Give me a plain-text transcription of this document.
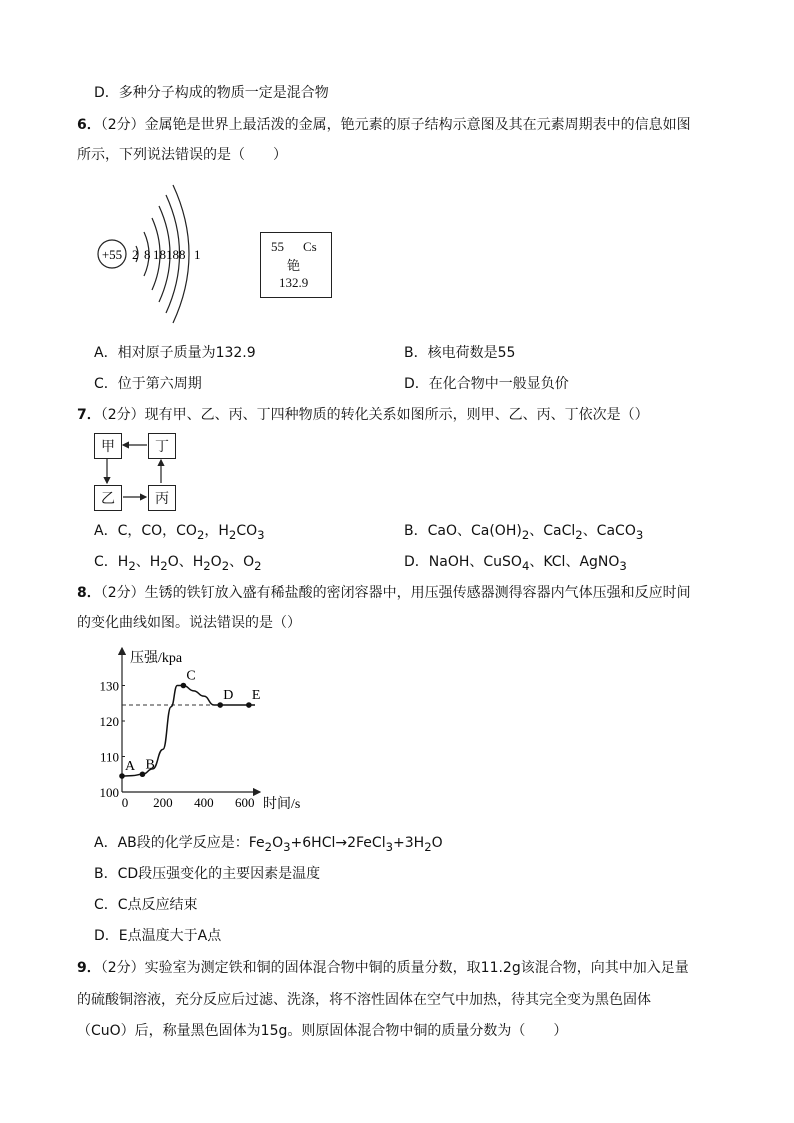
D．多种分子构成的物质一定是混合物
6．（2分）金属铯是世界上最活泼的金属，铯元素的原子结构示意图及其在元素周期表中的信息如图
所示，下列说法错误的是（　　）
+55 2 8 18 18 8 1
55 Cs
铯
132.9
A．相对原子质量为132.9	B．核电荷数是55
C．位于第六周期	D．在化合物中一般显负价
7．（2分）现有甲、乙、丙、丁四种物质的转化关系如图所示，则甲、乙、丙、丁依次是（）
甲	丁
乙	丙
A．C，CO，$CO_2$，$H_2CO_3$	B．CaO、$Ca(OH)_2$、CaCl$_2$、CaCO$_3$
C．$H_2$、$H_2O$、$H_2O_2$、$O_2$	D．NaOH、CuSO$_4$、KCl、AgNO$_3$
8．（2分）生锈的铁钉放入盛有稀盐酸的密闭容器中，用压强传感器测得容器内气体压强和反应时间
的变化曲线如图。说法错误的是（）
压强/kpa
时间/s
100
110
120
130
0 200 400 600
A B
C
D E
A．AB段的化学反应是：$Fe_2O_3+6HCl\to 2FeCl_3+3H_2O$
B．CD段压强变化的主要因素是温度
C．C点反应结束
D．E点温度大于A点
9．（2分）实验室为测定铁和铜的固体混合物中铜的质量分数，取11.2g该混合物，向其中加入足量
的硫酸铜溶液，充分反应后过滤、洗涤，将不溶性固体在空气中加热，待其完全变为黑色固体
（CuO）后，称量黑色固体为15g。则原固体混合物中铜的质量分数为（　　）
